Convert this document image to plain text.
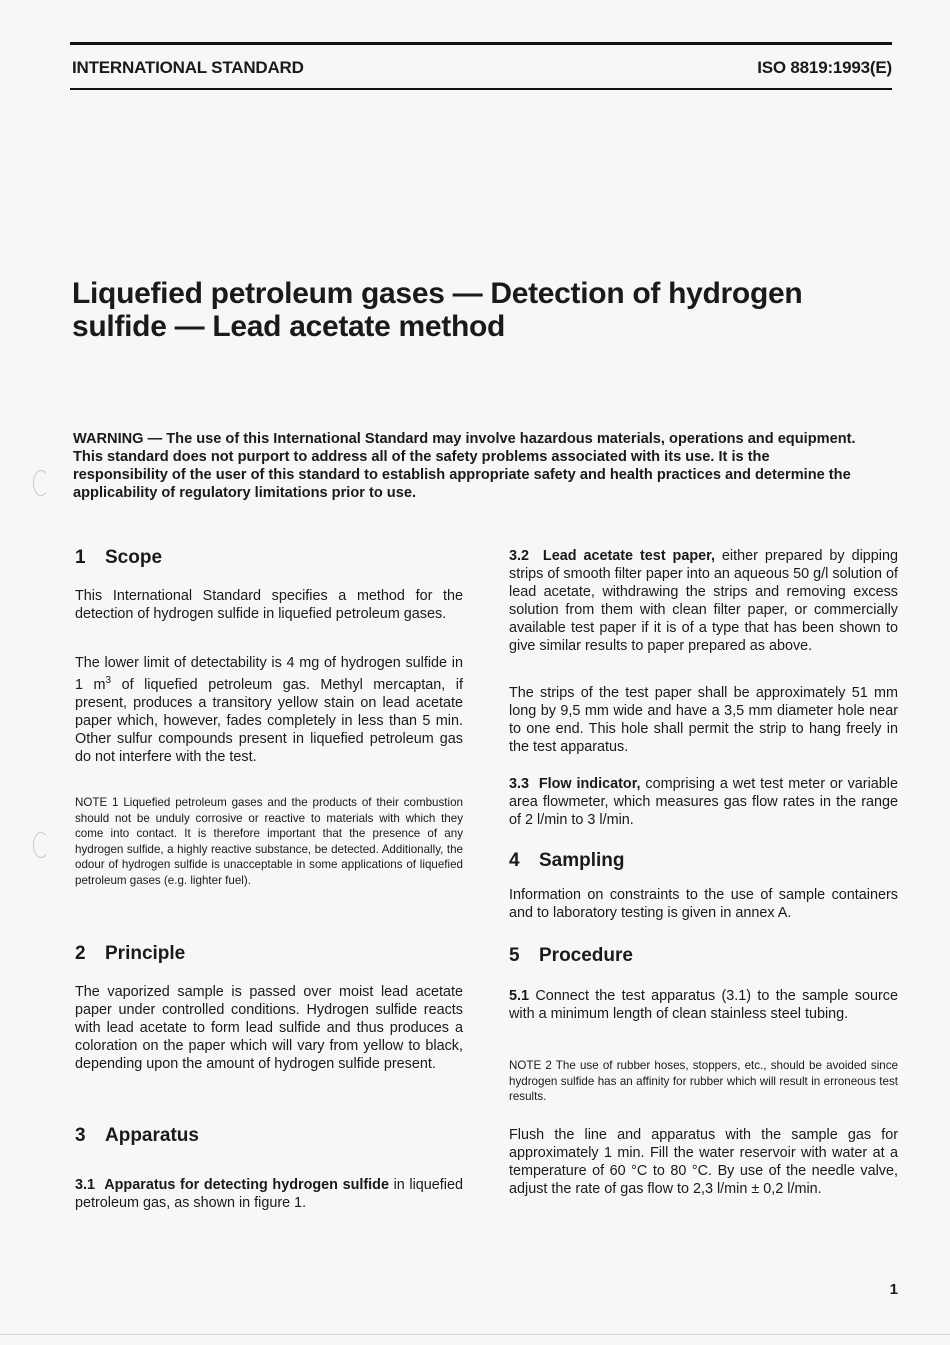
INTERNATIONAL STANDARD	ISO 8819:1993(E)
Liquefied petroleum gases — Detection of hydrogen
sulfide — Lead acetate method
WARNING — The use of this International Standard may involve hazardous materials, operations and equipment. This standard does not purport to address all of the safety problems associated with its use. It is the responsibility of the user of this standard to establish appropriate safety and health practices and determine the applicability of regulatory limitations prior to use.
1 Scope
This International Standard specifies a method for the detection of hydrogen sulfide in liquefied petroleum gases.
The lower limit of detectability is 4 mg of hydrogen sulfide in 1 $m^3$ of liquefied petroleum gas. Methyl mercaptan, if present, produces a transitory yellow stain on lead acetate paper which, however, fades completely in less than 5 min. Other sulfur compounds present in liquefied petroleum gas do not interfere with the test.
NOTE 1 Liquefied petroleum gases and the products of their combustion should not be unduly corrosive or reactive to materials with which they come into contact. It is therefore important that the presence of any hydrogen sulfide, a highly reactive substance, be detected. Additionally, the odour of hydrogen sulfide is unacceptable in some applications of liquefied petroleum gases (e.g. lighter fuel).
2 Principle
The vaporized sample is passed over moist lead acetate paper under controlled conditions. Hydrogen sulfide reacts with lead acetate to form lead sulfide and thus produces a coloration on the paper which will vary from yellow to black, depending upon the amount of hydrogen sulfide present.
3 Apparatus
3.1 Apparatus for detecting hydrogen sulfide in liquefied petroleum gas, as shown in figure 1.
3.2 Lead acetate test paper, either prepared by dipping strips of smooth filter paper into an aqueous 50 g/l solution of lead acetate, withdrawing the strips and removing excess solution from them with clean filter paper, or commercially available test paper if it is of a type that has been shown to give similar results to paper prepared as above.
The strips of the test paper shall be approximately 51 mm long by 9,5 mm wide and have a 3,5 mm diameter hole near to one end. This hole shall permit the strip to hang freely in the test apparatus.
3.3 Flow indicator, comprising a wet test meter or variable area flowmeter, which measures gas flow rates in the range of 2 l/min to 3 l/min.
4 Sampling
Information on constraints to the use of sample containers and to laboratory testing is given in annex A.
5 Procedure
5.1 Connect the test apparatus (3.1) to the sample source with a minimum length of clean stainless steel tubing.
NOTE 2 The use of rubber hoses, stoppers, etc., should be avoided since hydrogen sulfide has an affinity for rubber which will result in erroneous test results.
Flush the line and apparatus with the sample gas for approximately 1 min. Fill the water reservoir with water at a temperature of 60 °C to 80 °C. By use of the needle valve, adjust the rate of gas flow to 2,3 l/min ± 0,2 l/min.
1
